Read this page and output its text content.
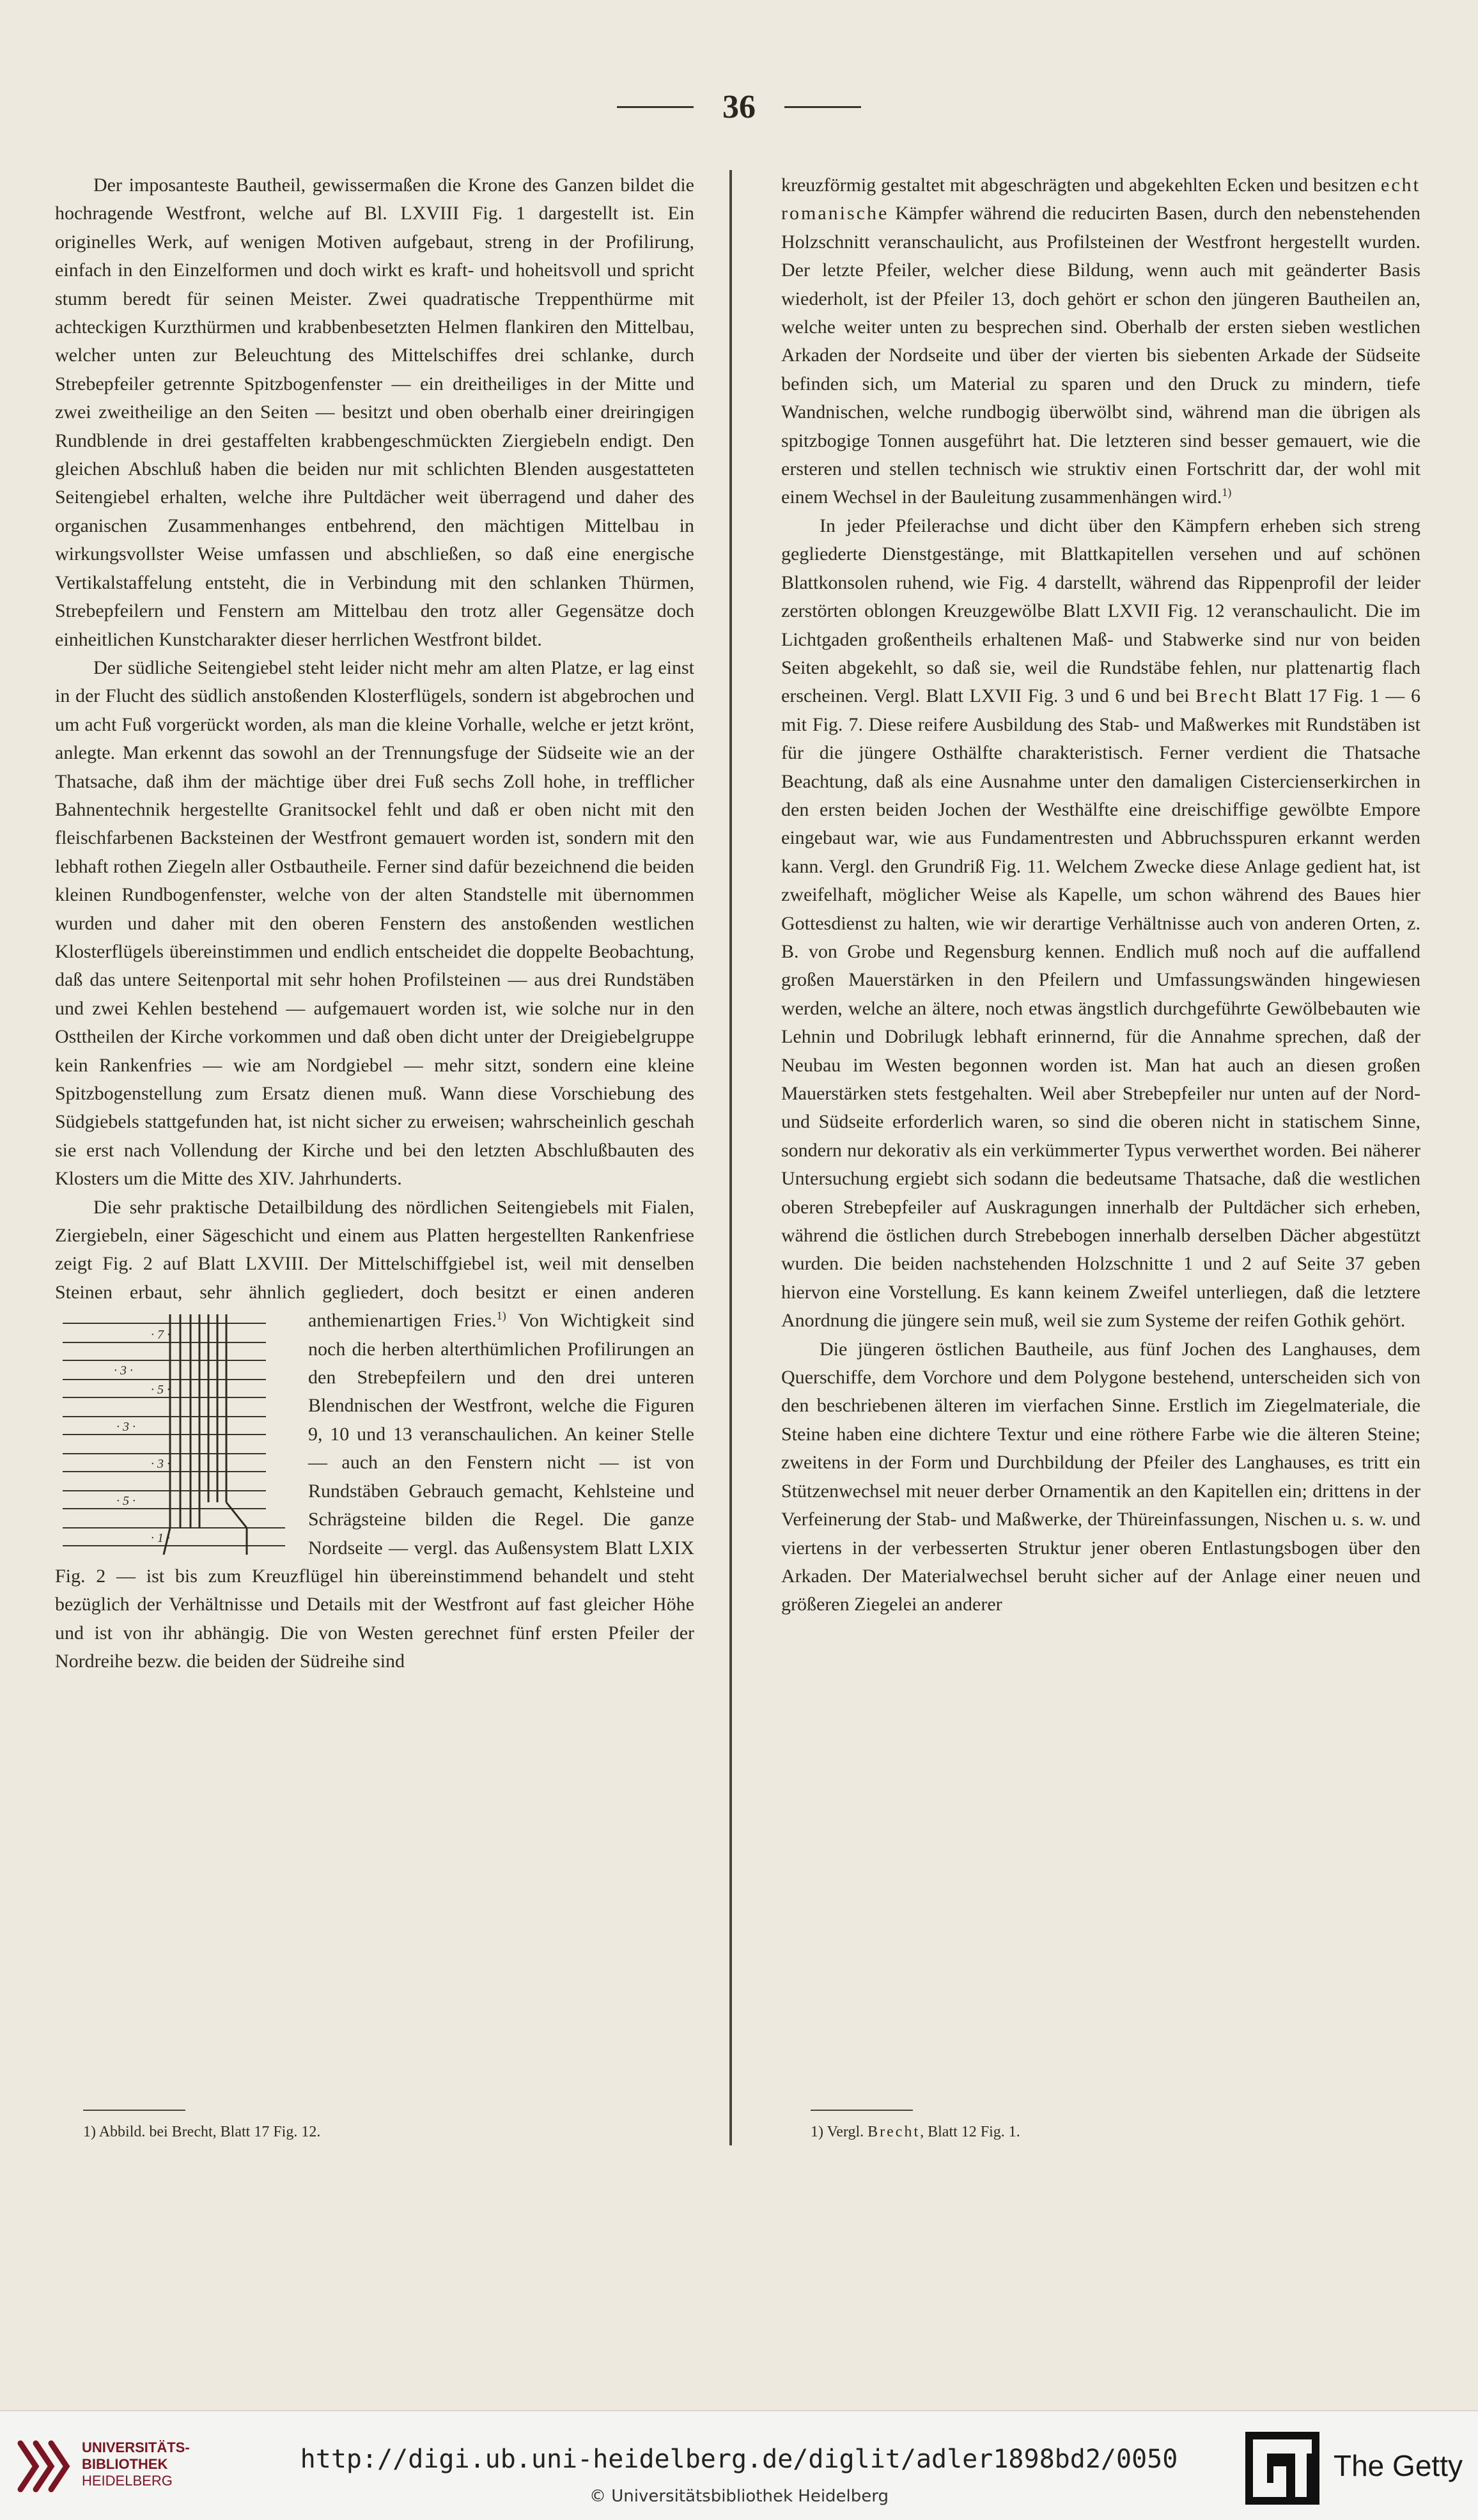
36

Der imposanteste Bautheil, gewissermaßen die Krone des Ganzen bildet die hochragende Westfront, welche auf Bl. LXVIII Fig. 1 dargestellt ist. Ein originelles Werk, auf wenigen Motiven aufgebaut, streng in der Profilirung, einfach in den Einzelformen und doch wirkt es kraft- und hoheitsvoll und spricht stumm beredt für seinen Meister. Zwei quadratische Treppenthürme mit achteckigen Kurzthürmen und krabbenbesetzten Helmen flankiren den Mittelbau, welcher unten zur Beleuchtung des Mittelschiffes drei schlanke, durch Strebepfeiler getrennte Spitzbogenfenster — ein dreitheiliges in der Mitte und zwei zweitheilige an den Seiten — besitzt und oben oberhalb einer dreiringigen Rundblende in drei gestaffelten krabbengeschmückten Ziergiebeln endigt. Den gleichen Abschluß haben die beiden nur mit schlichten Blenden ausgestatteten Seitengiebel erhalten, welche ihre Pultdächer weit überragend und daher des organischen Zusammenhanges entbehrend, den mächtigen Mittelbau in wirkungsvollster Weise umfassen und abschließen, so daß eine energische Vertikalstaffelung entsteht, die in Verbindung mit den schlanken Thürmen, Strebepfeilern und Fenstern am Mittelbau den trotz aller Gegensätze doch einheitlichen Kunstcharakter dieser herrlichen Westfront bildet.

Der südliche Seitengiebel steht leider nicht mehr am alten Platze, er lag einst in der Flucht des südlich anstoßenden Klosterflügels, sondern ist abgebrochen und um acht Fuß vorgerückt worden, als man die kleine Vorhalle, welche er jetzt krönt, anlegte. Man erkennt das sowohl an der Trennungsfuge der Südseite wie an der Thatsache, daß ihm der mächtige über drei Fuß sechs Zoll hohe, in trefflicher Bahnentechnik hergestellte Granitsockel fehlt und daß er oben nicht mit den fleischfarbenen Backsteinen der Westfront gemauert worden ist, sondern mit den lebhaft rothen Ziegeln aller Ostbautheile. Ferner sind dafür bezeichnend die beiden kleinen Rundbogenfenster, welche von der alten Standstelle mit übernommen wurden und daher mit den oberen Fenstern des anstoßenden westlichen Klosterflügels übereinstimmen und endlich entscheidet die doppelte Beobachtung, daß das untere Seitenportal mit sehr hohen Profilsteinen — aus drei Rundstäben und zwei Kehlen bestehend — aufgemauert worden ist, wie solche nur in den Osttheilen der Kirche vorkommen und daß oben dicht unter der Dreigiebelgruppe kein Rankenfries — wie am Nordgiebel — mehr sitzt, sondern eine kleine Spitzbogenstellung zum Ersatz dienen muß. Wann diese Vorschiebung des Südgiebels stattgefunden hat, ist nicht sicher zu erweisen; wahrscheinlich geschah sie erst nach Vollendung der Kirche und bei den letzten Abschlußbauten des Klosters um die Mitte des XIV. Jahrhunderts.

Die sehr praktische Detailbildung des nördlichen Seitengiebels mit Fialen, Ziergiebeln, einer Sägeschicht und einem aus Platten hergestellten Rankenfriese zeigt Fig. 2 auf Blatt LXVIII. Der Mittelschiffgiebel ist, weil mit denselben Steinen erbaut, sehr ähnlich gegliedert, doch besitzt er einen anderen anthemienartigen Fries.$^{1)}$
· 7 ·
· 3 ·
· 5 ·
· 3 ·
· 3 ·
· 5 ·
· 1 ·
Von Wichtigkeit sind noch die herben alterthümlichen Profilirungen an den Strebepfeilern und den drei unteren Blendnischen der Westfront, welche die Figuren 9, 10 und 13 veranschaulichen. An keiner Stelle — auch an den Fenstern nicht — ist von Rundstäben Gebrauch gemacht, Kehlsteine und Schrägsteine bilden die Regel. Die ganze Nordseite — vergl. das Außensystem Blatt LXIX Fig. 2 — ist bis zum Kreuzflügel hin übereinstimmend behandelt und steht bezüglich der Verhältnisse und Details mit der Westfront auf fast gleicher Höhe und ist von ihr abhängig. Die von Westen gerechnet fünf ersten Pfeiler der Nordreihe bezw. die beiden der Südreihe sind

1) Abbild. bei Brecht, Blatt 17 Fig. 12.

kreuzförmig gestaltet mit abgeschrägten und abgekehlten Ecken und besitzen echt romanische Kämpfer während die reducirten Basen, durch den nebenstehenden Holzschnitt veranschaulicht, aus Profilsteinen der Westfront hergestellt wurden. Der letzte Pfeiler, welcher diese Bildung, wenn auch mit geänderter Basis wiederholt, ist der Pfeiler 13, doch gehört er schon den jüngeren Bautheilen an, welche weiter unten zu besprechen sind. Oberhalb der ersten sieben westlichen Arkaden der Nordseite und über der vierten bis siebenten Arkade der Südseite befinden sich, um Material zu sparen und den Druck zu mindern, tiefe Wandnischen, welche rundbogig überwölbt sind, während man die übrigen als spitzbogige Tonnen ausgeführt hat. Die letzteren sind besser gemauert, wie die ersteren und stellen technisch wie struktiv einen Fortschritt dar, der wohl mit einem Wechsel in der Bauleitung zusammenhängen wird.$^{1)}$

In jeder Pfeilerachse und dicht über den Kämpfern erheben sich streng gegliederte Dienstgestänge, mit Blattkapitellen versehen und auf schönen Blattkonsolen ruhend, wie Fig. 4 darstellt, während das Rippenprofil der leider zerstörten oblongen Kreuzgewölbe Blatt LXVII Fig. 12 veranschaulicht. Die im Lichtgaden großentheils erhaltenen Maß- und Stabwerke sind nur von beiden Seiten abgekehlt, so daß sie, weil die Rundstäbe fehlen, nur plattenartig flach erscheinen. Vergl. Blatt LXVII Fig. 3 und 6 und bei Brecht Blatt 17 Fig. 1 — 6 mit Fig. 7. Diese reifere Ausbildung des Stab- und Maßwerkes mit Rundstäben ist für die jüngere Osthälfte charakteristisch. Ferner verdient die Thatsache Beachtung, daß als eine Ausnahme unter den damaligen Cistercienserkirchen in den ersten beiden Jochen der Westhälfte eine dreischiffige gewölbte Empore eingebaut war, wie aus Fundamentresten und Abbruchsspuren erkannt werden kann. Vergl. den Grundriß Fig. 11. Welchem Zwecke diese Anlage gedient hat, ist zweifelhaft, möglicher Weise als Kapelle, um schon während des Baues hier Gottesdienst zu halten, wie wir derartige Verhältnisse auch von anderen Orten, z. B. von Grobe und Regensburg kennen. Endlich muß noch auf die auffallend großen Mauerstärken in den Pfeilern und Umfassungswänden hingewiesen werden, welche an ältere, noch etwas ängstlich durchgeführte Gewölbebauten wie Lehnin und Dobrilugk lebhaft erinnernd, für die Annahme sprechen, daß der Neubau im Westen begonnen worden ist. Man hat auch an diesen großen Mauerstärken stets festgehalten. Weil aber Strebepfeiler nur unten auf der Nord- und Südseite erforderlich waren, so sind die oberen nicht in statischem Sinne, sondern nur dekorativ als ein verkümmerter Typus verwerthet worden. Bei näherer Untersuchung ergiebt sich sodann die bedeutsame Thatsache, daß die westlichen oberen Strebepfeiler auf Auskragungen innerhalb der Pultdächer sich erheben, während die östlichen durch Strebebogen innerhalb derselben Dächer abgestützt wurden. Die beiden nachstehenden Holzschnitte 1 und 2 auf Seite 37 geben hiervon eine Vorstellung. Es kann keinem Zweifel unterliegen, daß die letztere Anordnung die jüngere sein muß, weil sie zum Systeme der reifen Gothik gehört.

Die jüngeren östlichen Bautheile, aus fünf Jochen des Langhauses, dem Querschiffe, dem Vorchore und dem Polygone bestehend, unterscheiden sich von den beschriebenen älteren im vierfachen Sinne. Erstlich im Ziegelmateriale, die Steine haben eine dichtere Textur und eine röthere Farbe wie die älteren Steine; zweitens in der Form und Durchbildung der Pfeiler des Langhauses, es tritt ein Stützenwechsel mit neuer derber Ornamentik an den Kapitellen ein; drittens in der Verfeinerung der Stab- und Maßwerke, der Thüreinfassungen, Nischen u. s. w. und viertens in der verbesserten Struktur jener oberen Entlastungsbogen über den Arkaden. Der Materialwechsel beruht sicher auf der Anlage einer neuen und größeren Ziegelei an anderer

1) Vergl. Brecht, Blatt 12 Fig. 1.
UNIVERSITÄTS-
BIBLIOTHEK
HEIDELBERG
http://digi.ub.uni-heidelberg.de/diglit/adler1898bd2/0050
© Universitätsbibliothek Heidelberg
The Getty
